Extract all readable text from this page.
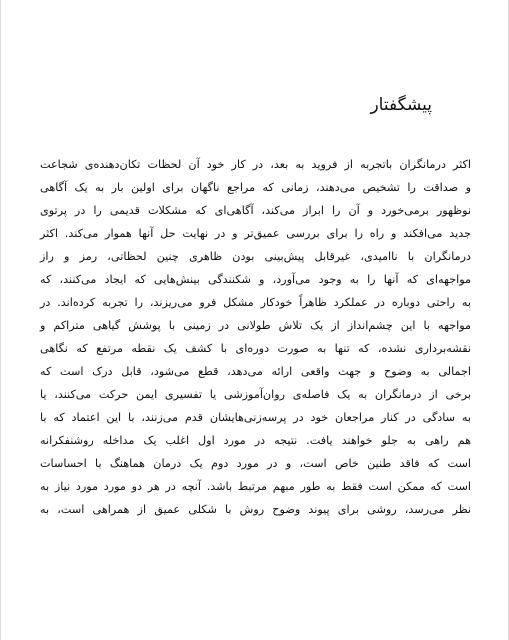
پیشگفتار
اکثر درمانگران باتجربه از فروید به بعد، در کار خود آن لحظات تکان‌دهنده‌ی شجاعت
و صداقت را تشخیص می‌دهند، زمانی که مراجع ناگهان برای اولین بار به یک آگاهی
نوظهور برمی‌خورد و آن را ابراز می‌کند، آگاهی‌ای که مشکلات قدیمی را در پرتوی
جدید می‌افکند و راه را برای بررسی عمیق‌تر و در نهایت حل آنها هموار می‌کند. اکثر
درمانگران با ناامیدی، غیرقابل پیش‌بینی بودن ظاهری چنین لحظاتی، رمز و راز
مواجهه‌ای که آنها را به وجود می‌آورد، و شکنندگی بینش‌هایی که ایجاد می‌کنند، که
به راحتی دوباره در عملکرد ظاهراً خودکار مشکل فرو می‌ریزند، را تجربه کرده‌اند. در
مواجهه با این چشم‌انداز از یک تلاش طولانی در زمینی با پوشش گیاهی متراکم و
نقشه‌برداری نشده، که تنها به صورت دوره‌ای با کشف یک نقطه مرتفع که نگاهی
اجمالی به وضوح و جهت واقعی ارائه می‌دهد، قطع می‌شود، قابل درک است که
برخی از درمانگران به یک فاصله‌ی روان‌آموزشی یا تفسیری ایمن حرکت می‌کنند، یا
به سادگی در کنار مراجعان خود در پرسه‌زنی‌هایشان قدم می‌زنند، با این اعتماد که با
هم راهی به جلو خواهند یافت. نتیجه در مورد اول اغلب یک مداخله روشنفکرانه
است که فاقد طنین خاص است، و در مورد دوم یک درمان هماهنگ با احساسات
است که ممکن است فقط به طور مبهم مرتبط باشد. آنچه در هر دو مورد مورد نیاز به
نظر می‌رسد، روشی برای پیوند وضوح روش با شکلی عمیق از همراهی است، به
